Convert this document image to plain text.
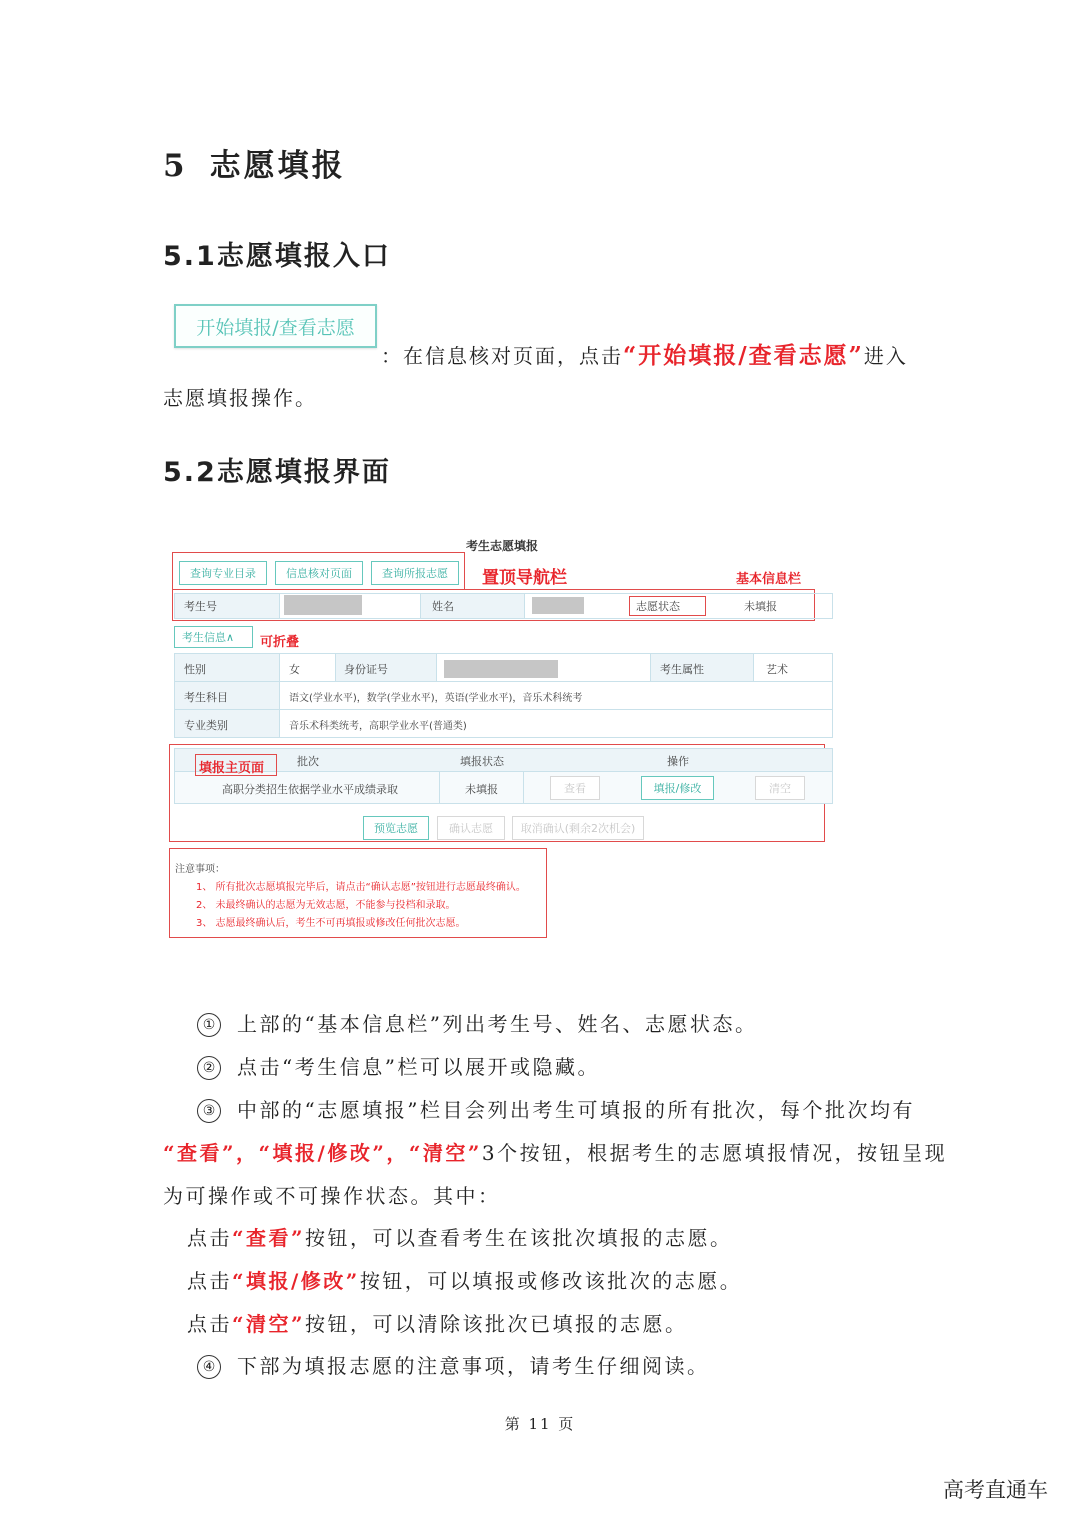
5 志愿填报
5.1志愿填报入口
开始填报/查看志愿
：在信息核对页面，点击“开始填报/查看志愿”进入
志愿填报操作。
5.2志愿填报界面
考生志愿填报
查询专业目录	信息核对页面	查询所报志愿	置顶导航栏	基本信息栏
考生号	姓名	志愿状态	未填报
考生信息∧	可折叠
性别	女	身份证号	考生属性	艺术
考生科目	语文(学业水平)，数学(学业水平)，英语(学业水平)，音乐术科统考
专业类别	音乐术科类统考，高职学业水平(普通类)
填报主页面	批次	填报状态	操作
高职分类招生依据学业水平成绩录取	未填报	查看	填报/修改	清空
预览志愿	确认志愿	取消确认(剩余2次机会)
注意事项：
1、 所有批次志愿填报完毕后，请点击“确认志愿”按钮进行志愿最终确认。
2、 未最终确认的志愿为无效志愿，不能参与投档和录取。
3、 志愿最终确认后，考生不可再填报或修改任何批次志愿。
① 上部的“基本信息栏”列出考生号、姓名、志愿状态。
② 点击“考生信息”栏可以展开或隐藏。
③ 中部的“志愿填报”栏目会列出考生可填报的所有批次，每个批次均有
“查看”，“填报/修改”，“清空”3个按钮，根据考生的志愿填报情况，按钮呈现
为可操作或不可操作状态。其中：
点击“查看”按钮，可以查看考生在该批次填报的志愿。
点击“填报/修改”按钮，可以填报或修改该批次的志愿。
点击“清空”按钮，可以清除该批次已填报的志愿。
④ 下部为填报志愿的注意事项，请考生仔细阅读。
第 11 页
高考直通车
